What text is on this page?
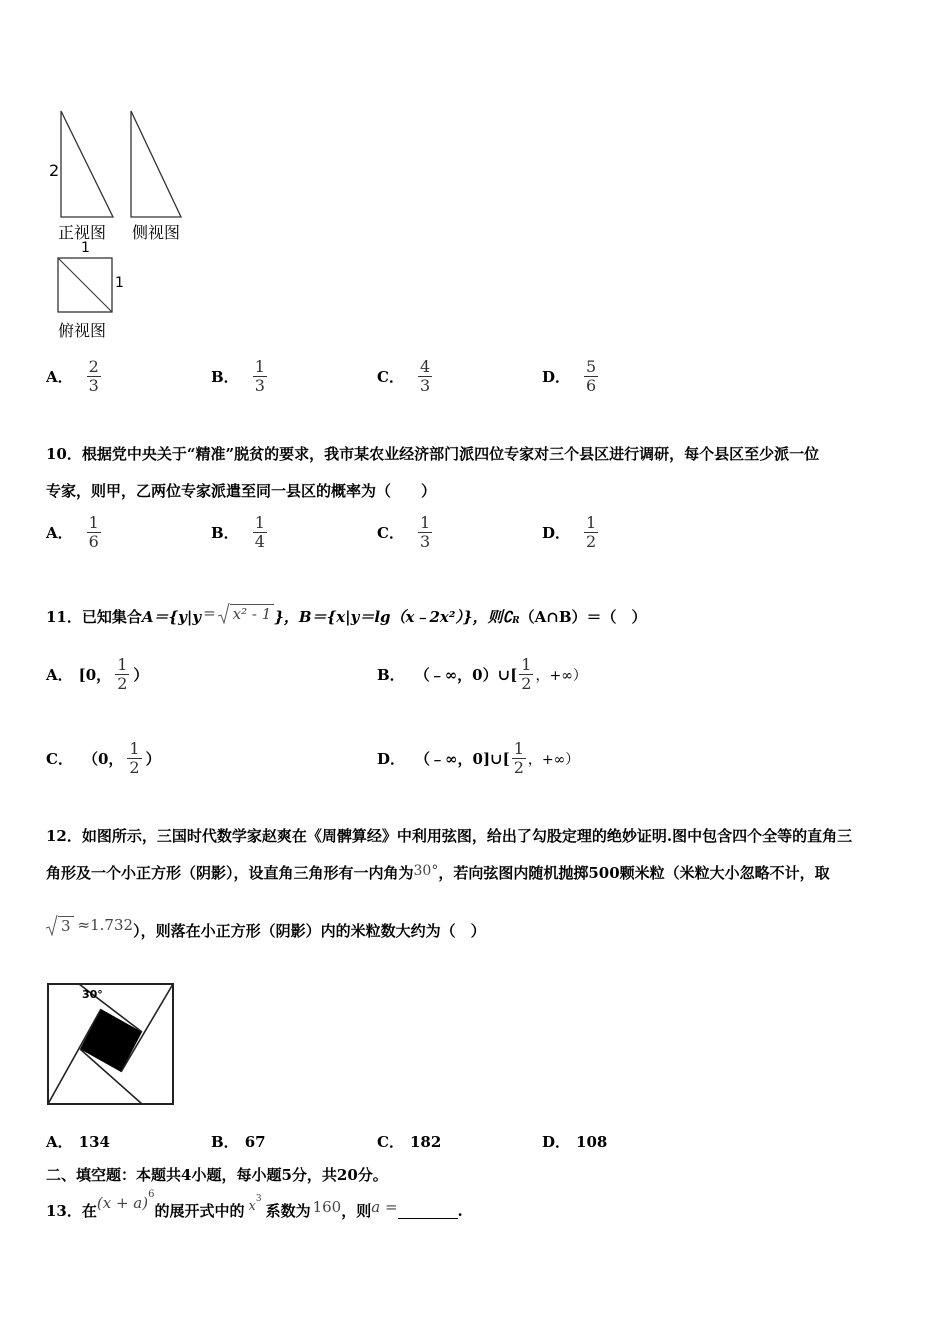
2
正视图 侧视图
1
1
俯视图
A． $\frac{2}{3}$	B． $\frac{1}{3}$	C． $\frac{4}{3}$	D． $\frac{5}{6}$
10．根据党中央关于“精准”脱贫的要求，我市某农业经济部门派四位专家对三个县区进行调研，每个县区至少派一位
专家，则甲，乙两位专家派遣至同一县区的概率为（　　）
A． $\frac{1}{6}$	B． $\frac{1}{4}$	C． $\frac{1}{3}$	D． $\frac{1}{2}$
11．已知集合 A＝{y|y = x² - 1 }，B＝{x|y＝lg（x﹣2x²）}，则∁ R （A∩B）＝（　）
A． [0， $\frac{1}{2}$ ）	B． （﹣∞，0）∪[ $\frac{1}{2}$ ，+∞）
C． （0， $\frac{1}{2}$ ）	D． （﹣∞，0]∪[ $\frac{1}{2}$ ，+∞）
12．如图所示，三国时代数学家赵爽在《周髀算经》中利用弦图，给出了勾股定理的绝妙证明.图中包含四个全等的直角三
角形及一个小正方形（阴影），设直角三角形有一内角为30°，若向弦图内随机抛掷500颗米粒（米粒大小忽略不计，取
3 ≈1.732 ），则落在小正方形（阴影）内的米粒数大约为（　）
30°
A． 134	B． 67	C． 182	D． 108
二、填空题：本题共4小题，每小题5分，共20分。
13．在 (x + a) 6
的展开式中的 x 3
系数为 160 ，则 a =	.
